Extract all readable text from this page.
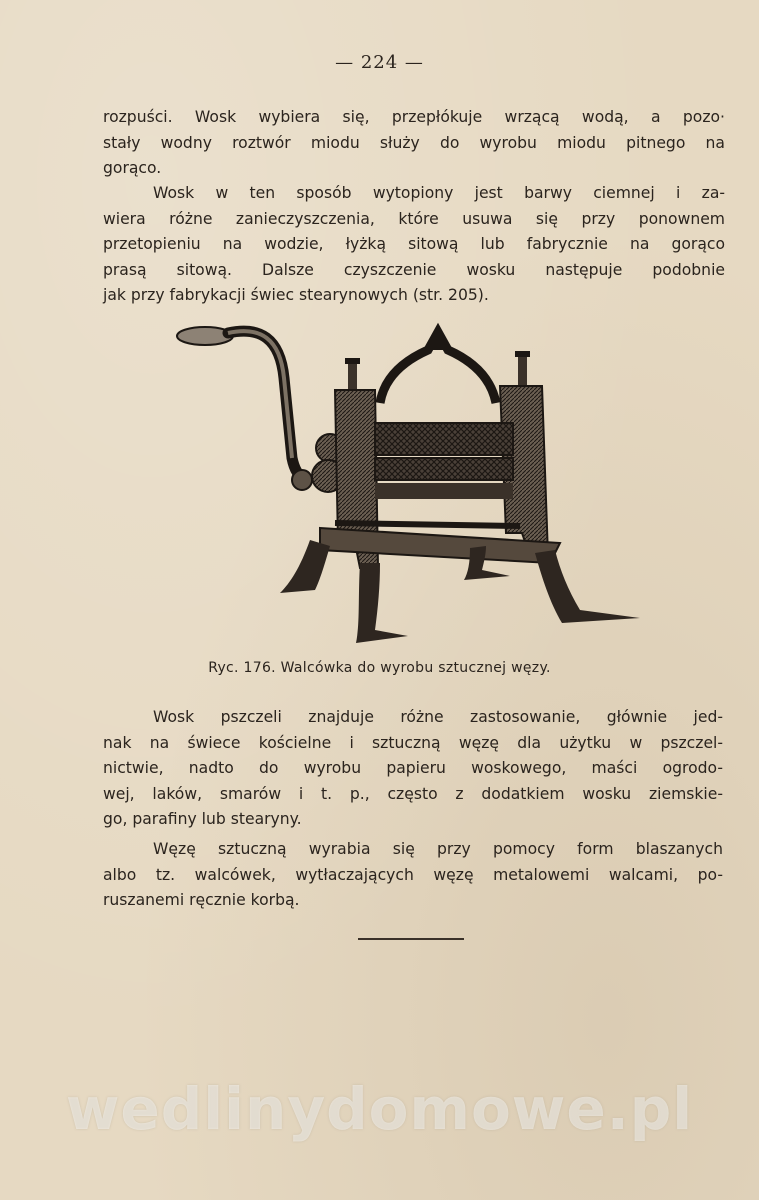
— 224 —
rozpuści. Wosk wybiera się, przepłókuje wrzącą wodą, a pozo·
stały wodny roztwór miodu służy do wyrobu miodu pitnego na
gorąco.
Wosk w ten sposób wytopiony jest barwy ciemnej i za-
wiera różne zanieczyszczenia, które usuwa się przy ponownem
przetopieniu na wodzie, łyżką sitową lub fabrycznie na gorąco
prasą sitową. Dalsze czyszczenie wosku następuje podobnie
jak przy fabrykacji świec stearynowych (str. 205).
Ryc. 176. Walcówka do wyrobu sztucznej węzy.
Wosk pszczeli znajduje różne zastosowanie, głównie jed-
nak na świece kościelne i sztuczną węzę dla użytku w pszczel-
nictwie, nadto do wyrobu papieru woskowego, maści ogrodo-
wej, laków, smarów i t. p., często z dodatkiem wosku ziemskie-
go, parafiny lub stearyny.
Węzę sztuczną wyrabia się przy pomocy form blaszanych
albo tz. walcówek, wytłaczających węzę metalowemi walcami, po-
ruszanemi ręcznie korbą.
wedlinydomowe.pl
